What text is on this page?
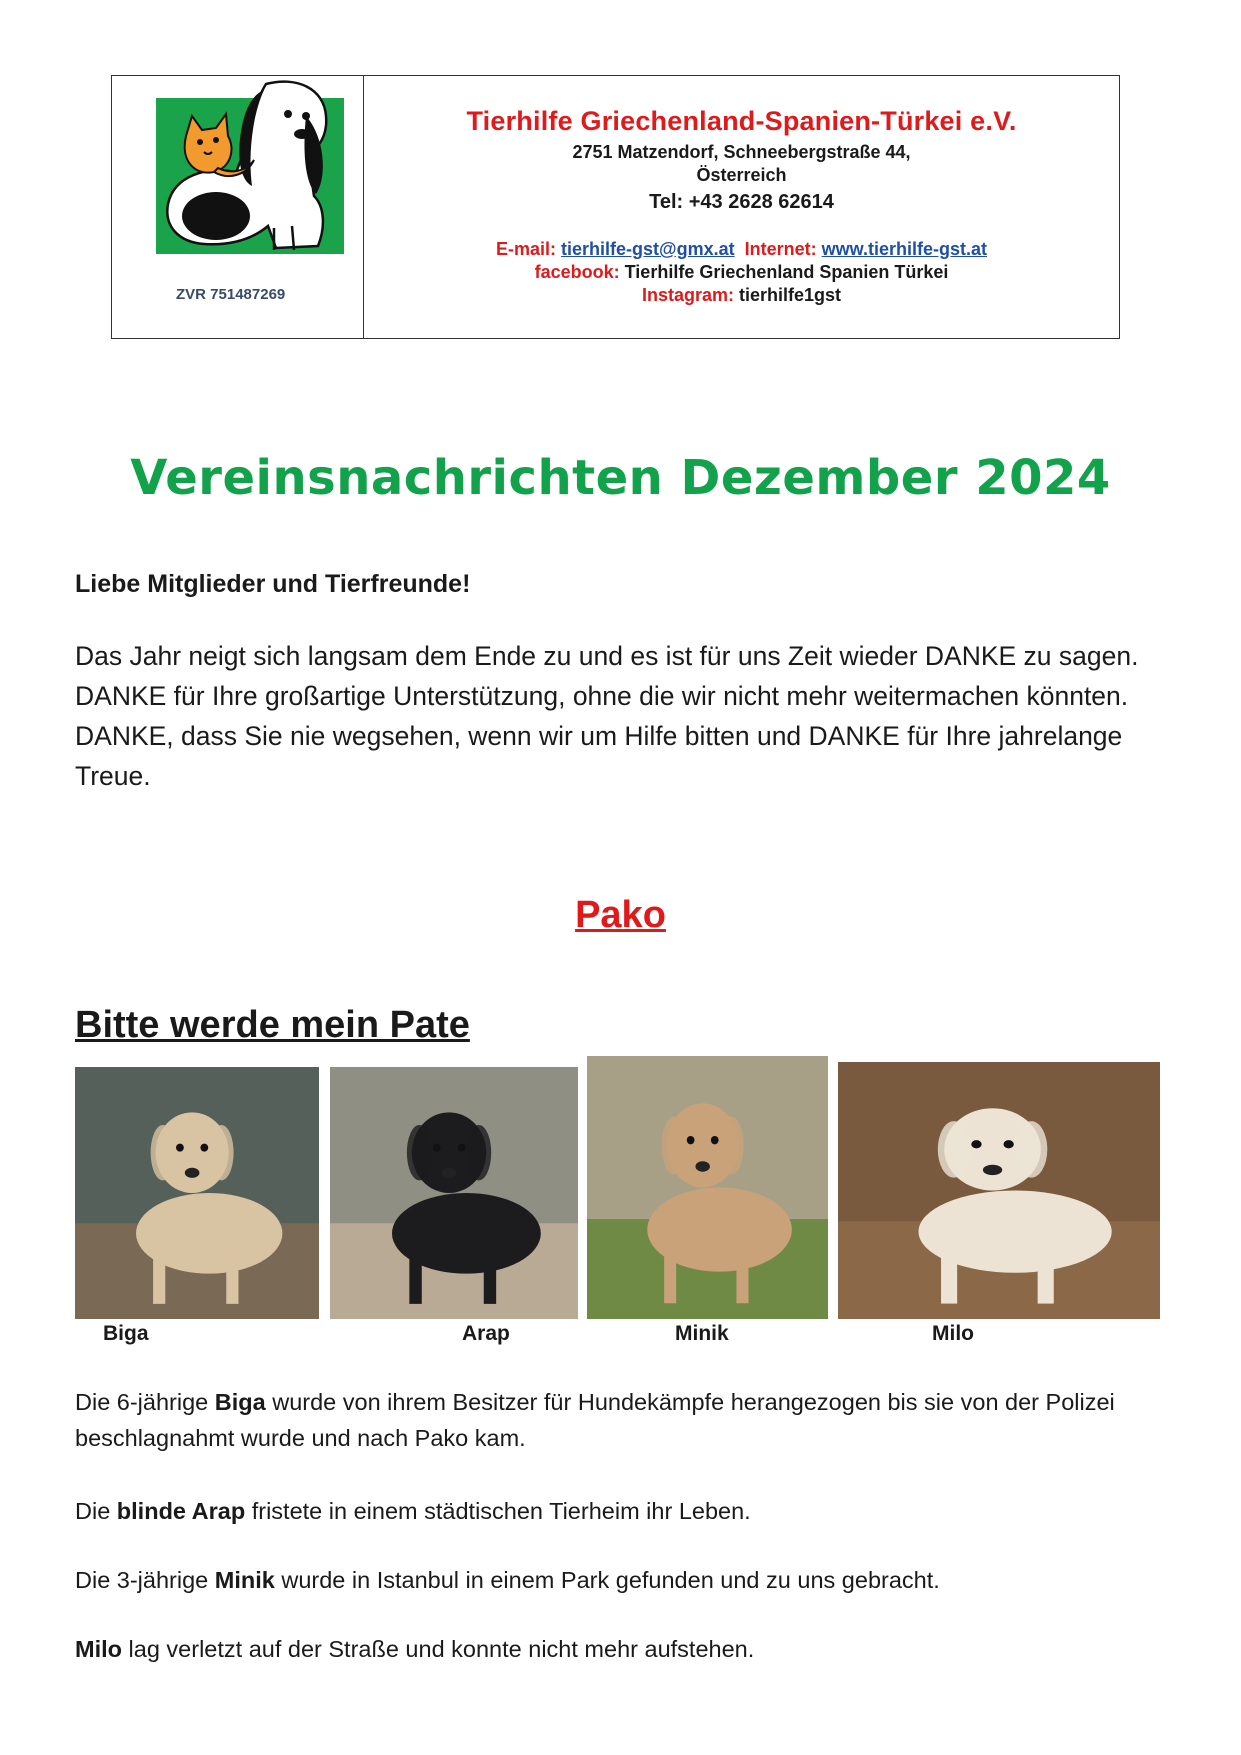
ZVR 751487269

Tierhilfe Griechenland-Spanien-Türkei e.V.

2751 Matzendorf, Schneebergstraße 44,

Österreich

Tel: +43 2628 62614

E-mail: tierhilfe-gst@gmx.at Internet: www.tierhilfe-gst.at

facebook: Tierhilfe Griechenland Spanien Türkei

Instagram: tierhilfe1gst

Vereinsnachrichten Dezember 2024

Liebe Mitglieder und Tierfreunde!

Das Jahr neigt sich langsam dem Ende zu und es ist für uns Zeit wieder DANKE zu sagen. DANKE für Ihre großartige Unterstützung, ohne die wir nicht mehr weitermachen könnten. DANKE, dass Sie nie wegsehen, wenn wir um Hilfe bitten und DANKE für Ihre jahrelange Treue.

Pako
Bitte werde mein Pate

Biga	Arap	Minik	Milo

Die 6-jährige Biga wurde von ihrem Besitzer für Hundekämpfe herangezogen bis sie von der Polizei beschlagnahmt wurde und nach Pako kam.

Die blinde Arap fristete in einem städtischen Tierheim ihr Leben.

Die 3-jährige Minik wurde in Istanbul in einem Park gefunden und zu uns gebracht.

Milo lag verletzt auf der Straße und konnte nicht mehr aufstehen.
